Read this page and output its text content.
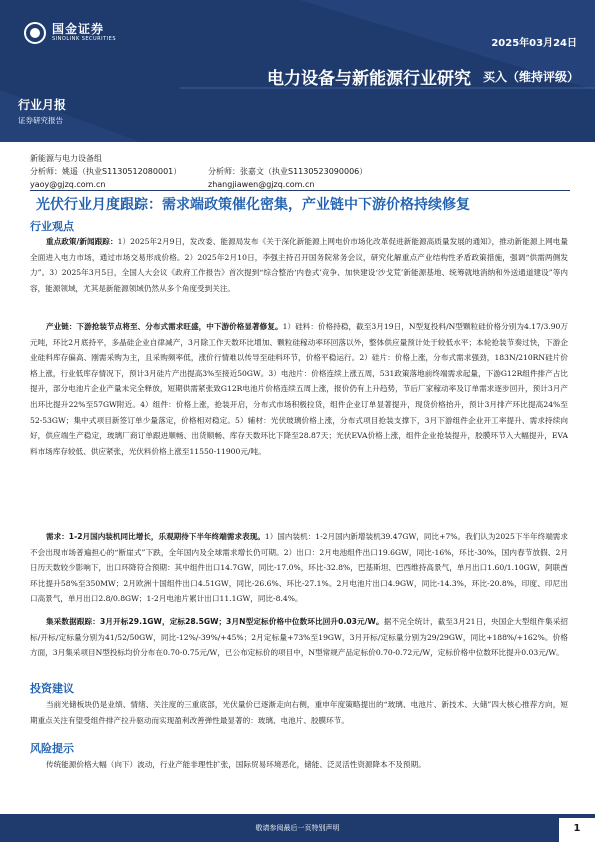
国金证券
SINOLINK SECURITIES	2025年03月24日
电力设备与新能源行业研究 买入（维持评级）
行业月报
证券研究报告
新能源与电力设备组
分析师：姚遥（执业S1130512080001）	分析师：张嘉文（执业S1130523090006）
yaoy@gjzq.com.cn	zhangjiawen@gjzq.com.cn
光伏行业月度跟踪：需求端政策催化密集，产业链中下游价格持续修复
行业观点
重点政策/新闻跟踪：1）2025年2月9日，发改委、能源局发布《关于深化新能源上网电价市场化改革促进新能源高质量发展的通知》，推动新能源上网电量全面进入电力市场，通过市场交易形成价格。2）2025年2月10日，李强主持召开国务院常务会议，研究化解重点产业结构性矛盾政策措施，强调“供需两侧发力”。3）2025年3月5日，全国人大会议《政府工作报告》首次提到“综合整治‘内卷式’竞争、加快建设‘沙戈荒’新能源基地、统筹就地消纳和外送通道建设”等内容，能源领域，尤其是新能源领域仍然从多个角度受到关注。
产业链：下游抢装节点将至、分布式需求旺盛，中下游价格显著修复。1）硅料：价格持稳，截至3月19日，N型复投料/N型颗粒硅价格分别为4.17/3.90万元吨，环比2月底持平，多晶硅企业自律减产，3月除工作天数环比增加、颗粒硅稼动率环回落以外，整体供应量预计处于较低水平；本轮抢装节奏过快，下游企业硅料库存偏高、刚需采购为主，且采购频率低，涨价行情难以传导至硅料环节，价格平稳运行。2）硅片：价格上涨，分布式需求强劲，183N/210RN硅片价格上涨，行业低库存情况下，预计3月硅片产出提高3%至接近50GW。3）电池片：价格连续上涨五周，531政策落地前终端需求起量，下游G12R组件排产占比提升，部分电池片企业产量未完全释放，短期供需紧张致G12R电池片价格连续五周上涨，报价仍有上升趋势，节后厂家稼动率及订单需求逐步回升，预计3月产出环比提升22%至57GW附近。4）组件：价格上涨，抢装开启，分布式市场积极拉货，组件企业订单显著提升，现货价格抬升，预计3月排产环比提高24%至52-53GW；集中式项目新签订单少量落定，价格相对稳定。5）辅材：光伏玻璃价格上涨，分布式项目抢装支撑下，3月下游组件企业开工率提升、需求持续向好，供应端生产稳定，玻璃厂商订单跟进顺畅、出货顺畅、库存天数环比下降至28.87天；光伏EVA价格上涨，组件企业抢装提升，胶膜环节入大幅提升，EVA料市场库存较低、供应紧张，光伏料价格上涨至11550-11900元/吨。
需求：1-2月国内装机同比增长，乐观期待下半年终端需求表现。1）国内装机：1-2月国内新增装机39.47GW，同比+7%。我们认为2025下半年终端需求不会出现市场普遍担心的“断崖式”下跌，全年国内及全球需求增长仍可期。2）出口：2月电池组件出口19.6GW，同比-16%，环比-30%，国内春节放假、2月日历天数较少影响下，出口环降符合预期：其中组件出口14.7GW，同比-17.0%，环比-32.8%，巴基斯坦、巴西维持高景气，单月出口1.60/1.10GW，阿联酋环比提升58%至350MW；2月欧洲十国组件出口4.51GW，同比-26.6%、环比-27.1%。2月电池片出口4.9GW，同比-14.3%，环比-20.8%，印度、印尼出口高景气，单月出口2.8/0.8GW；1-2月电池片累计出口11.1GW，同比-8.4%。
集采数据跟踪：3月开标29.1GW，定标28.5GW；3月N型定标价格中位数环比回升0.03元/W。据不完全统计，截至3月21日，央国企大型组件集采招标/开标/定标量分别为41/52/50GW，同比-12%/-39%/+45%；2月定标量+73%至19GW，3月开标/定标量分别为29/29GW，同比+188%/+162%。价格方面，3月集采项目N型投标均价分布在0.70-0.75元/W，已公布定标价的项目中，N型常规产品定标价0.70-0.72元/W，定标价格中位数环比提升0.03元/W。
投资建议
当前光储板块仍是业绩、情绪、关注度的三重底部，光伏量价已逐渐走向右侧，重申年度策略提出的“玻璃、电池片、新技术、大储”四大核心推荐方向，短期重点关注有望受组件排产拉升驱动而实现盈利改善弹性最显著的：玻璃、电池片、胶膜环节。
风险提示
传统能源价格大幅（向下）波动，行业产能非理性扩张，国际贸易环境恶化，储能、泛灵活性资源降本不及预期。
敬请参阅最后一页特别声明	1
